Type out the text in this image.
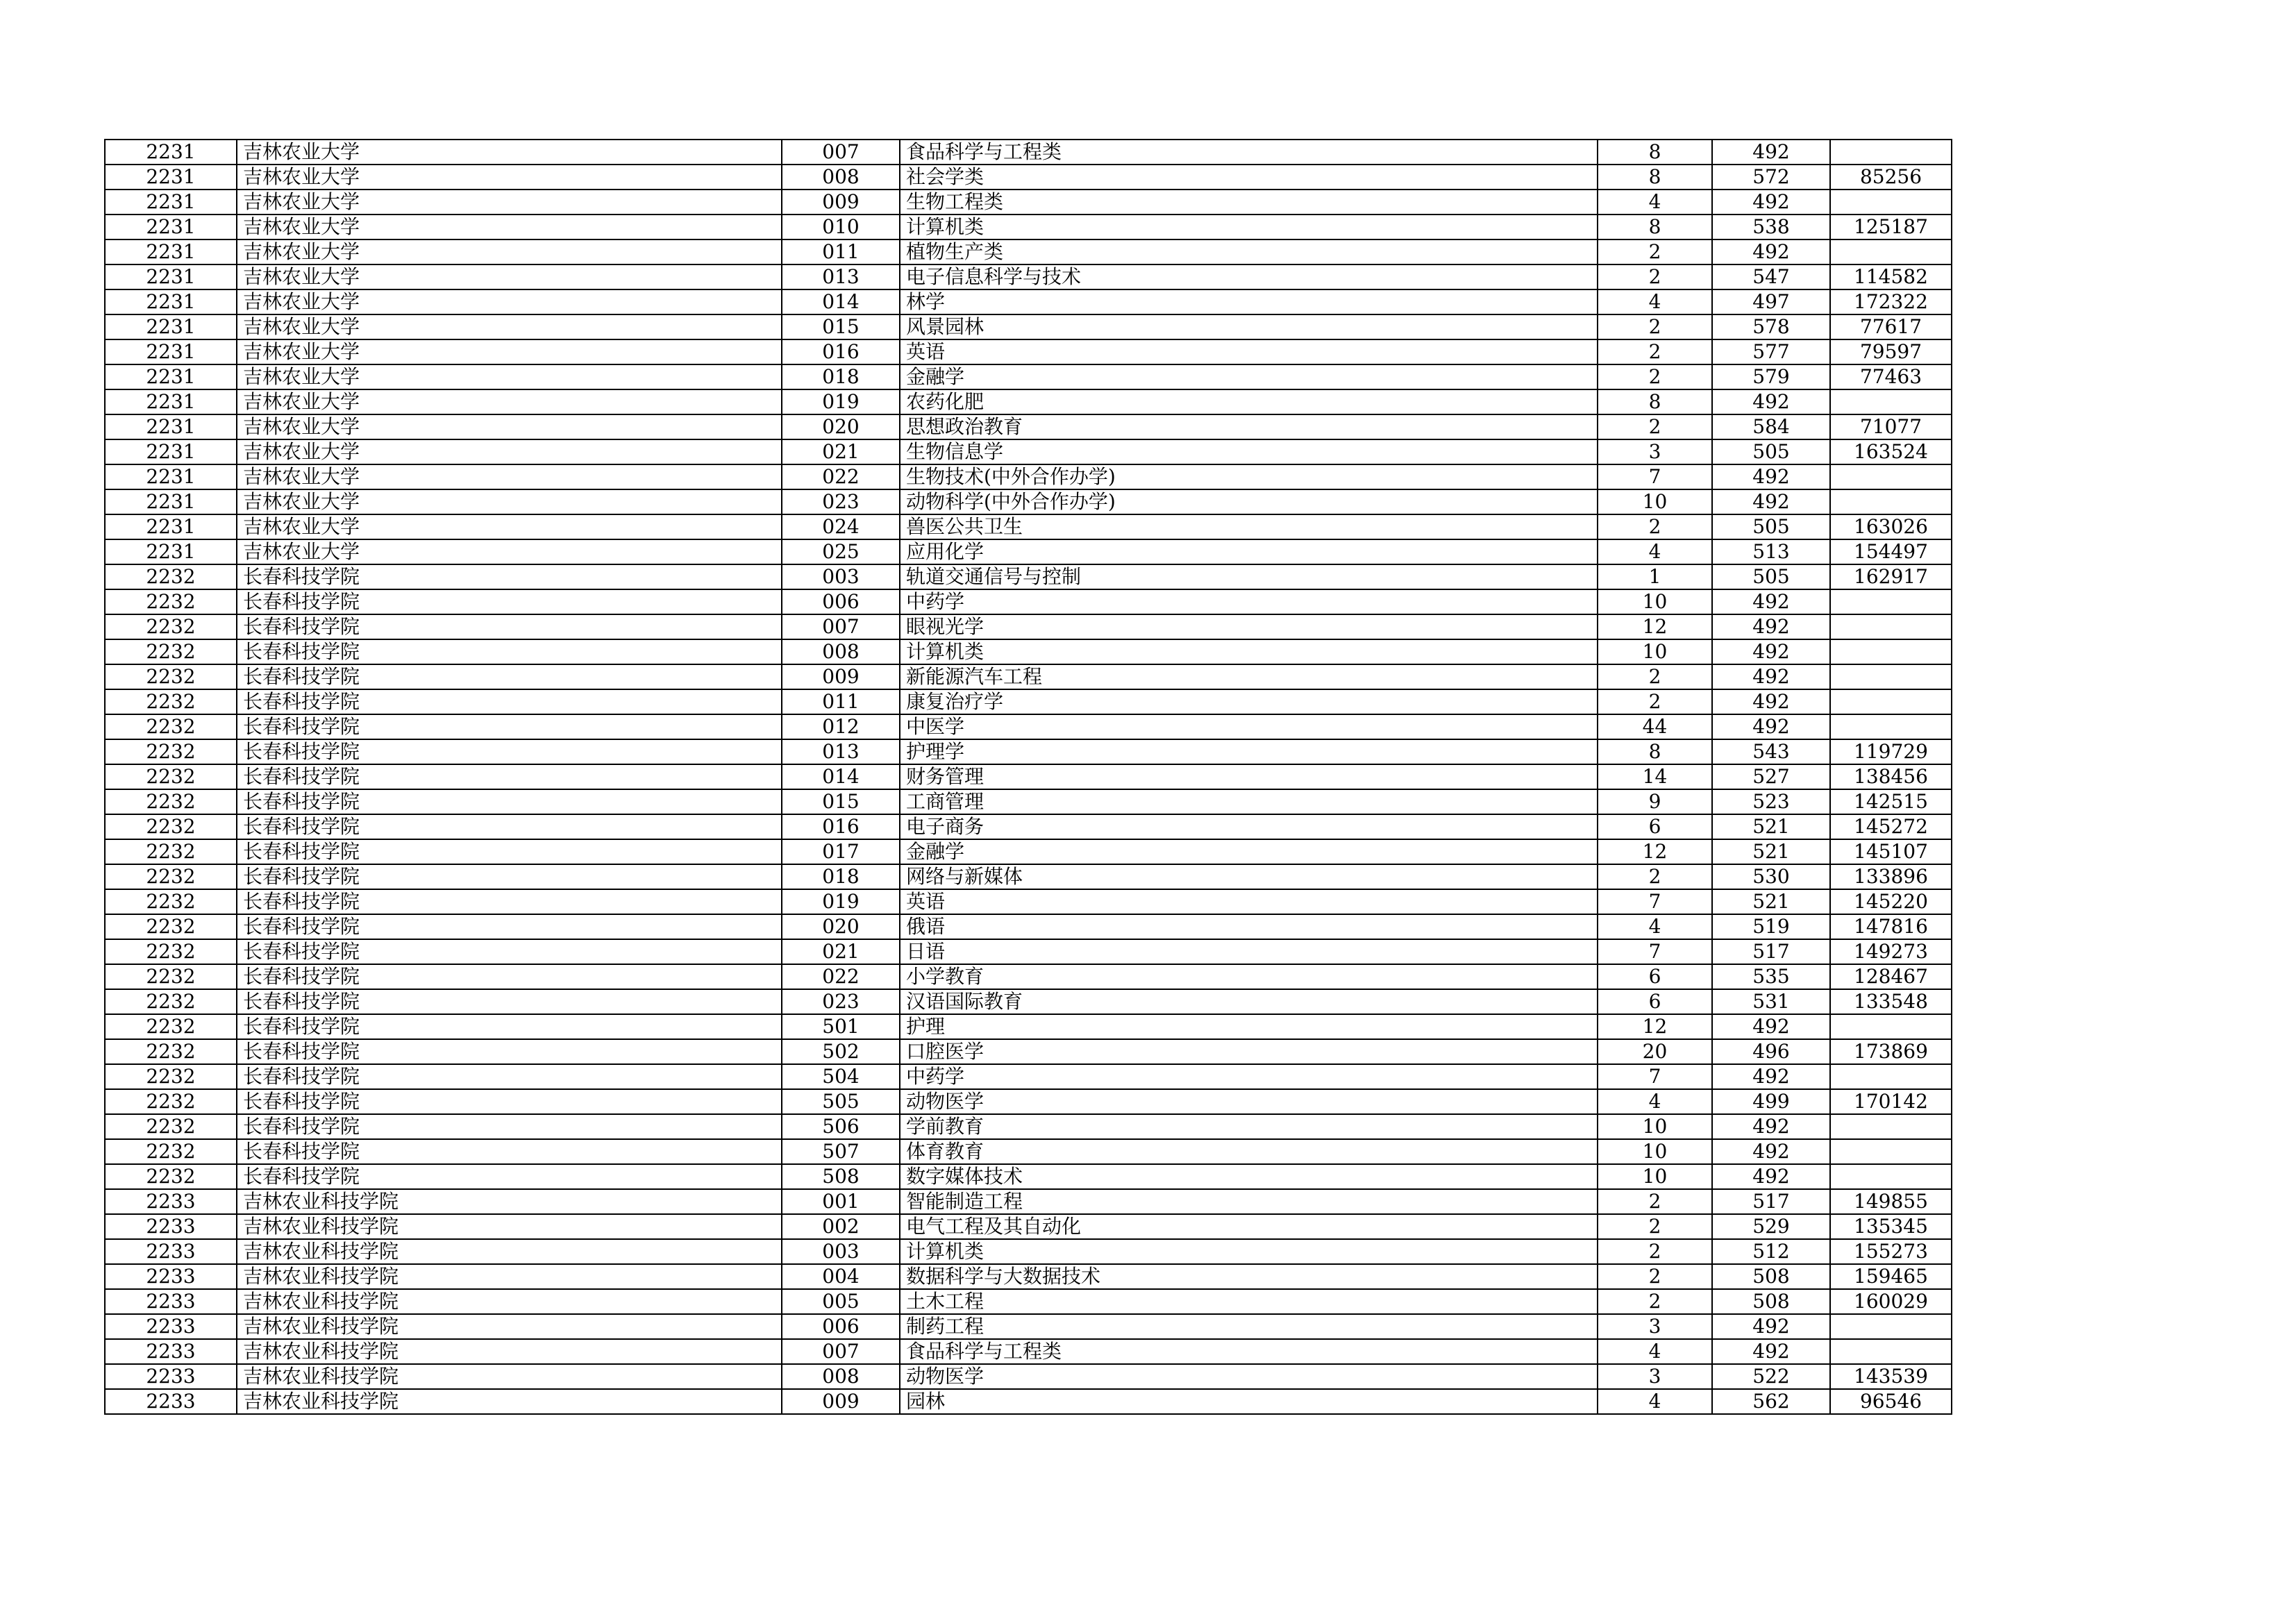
2231	吉林农业大学	007	食品科学与工程类	8	492	
2231	吉林农业大学	008	社会学类	8	572	85256
2231	吉林农业大学	009	生物工程类	4	492	
2231	吉林农业大学	010	计算机类	8	538	125187
2231	吉林农业大学	011	植物生产类	2	492	
2231	吉林农业大学	013	电子信息科学与技术	2	547	114582
2231	吉林农业大学	014	林学	4	497	172322
2231	吉林农业大学	015	风景园林	2	578	77617
2231	吉林农业大学	016	英语	2	577	79597
2231	吉林农业大学	018	金融学	2	579	77463
2231	吉林农业大学	019	农药化肥	8	492	
2231	吉林农业大学	020	思想政治教育	2	584	71077
2231	吉林农业大学	021	生物信息学	3	505	163524
2231	吉林农业大学	022	生物技术(中外合作办学)	7	492	
2231	吉林农业大学	023	动物科学(中外合作办学)	10	492	
2231	吉林农业大学	024	兽医公共卫生	2	505	163026
2231	吉林农业大学	025	应用化学	4	513	154497
2232	长春科技学院	003	轨道交通信号与控制	1	505	162917
2232	长春科技学院	006	中药学	10	492	
2232	长春科技学院	007	眼视光学	12	492	
2232	长春科技学院	008	计算机类	10	492	
2232	长春科技学院	009	新能源汽车工程	2	492	
2232	长春科技学院	011	康复治疗学	2	492	
2232	长春科技学院	012	中医学	44	492	
2232	长春科技学院	013	护理学	8	543	119729
2232	长春科技学院	014	财务管理	14	527	138456
2232	长春科技学院	015	工商管理	9	523	142515
2232	长春科技学院	016	电子商务	6	521	145272
2232	长春科技学院	017	金融学	12	521	145107
2232	长春科技学院	018	网络与新媒体	2	530	133896
2232	长春科技学院	019	英语	7	521	145220
2232	长春科技学院	020	俄语	4	519	147816
2232	长春科技学院	021	日语	7	517	149273
2232	长春科技学院	022	小学教育	6	535	128467
2232	长春科技学院	023	汉语国际教育	6	531	133548
2232	长春科技学院	501	护理	12	492	
2232	长春科技学院	502	口腔医学	20	496	173869
2232	长春科技学院	504	中药学	7	492	
2232	长春科技学院	505	动物医学	4	499	170142
2232	长春科技学院	506	学前教育	10	492	
2232	长春科技学院	507	体育教育	10	492	
2232	长春科技学院	508	数字媒体技术	10	492	
2233	吉林农业科技学院	001	智能制造工程	2	517	149855
2233	吉林农业科技学院	002	电气工程及其自动化	2	529	135345
2233	吉林农业科技学院	003	计算机类	2	512	155273
2233	吉林农业科技学院	004	数据科学与大数据技术	2	508	159465
2233	吉林农业科技学院	005	土木工程	2	508	160029
2233	吉林农业科技学院	006	制药工程	3	492	
2233	吉林农业科技学院	007	食品科学与工程类	4	492	
2233	吉林农业科技学院	008	动物医学	3	522	143539
2233	吉林农业科技学院	009	园林	4	562	96546
